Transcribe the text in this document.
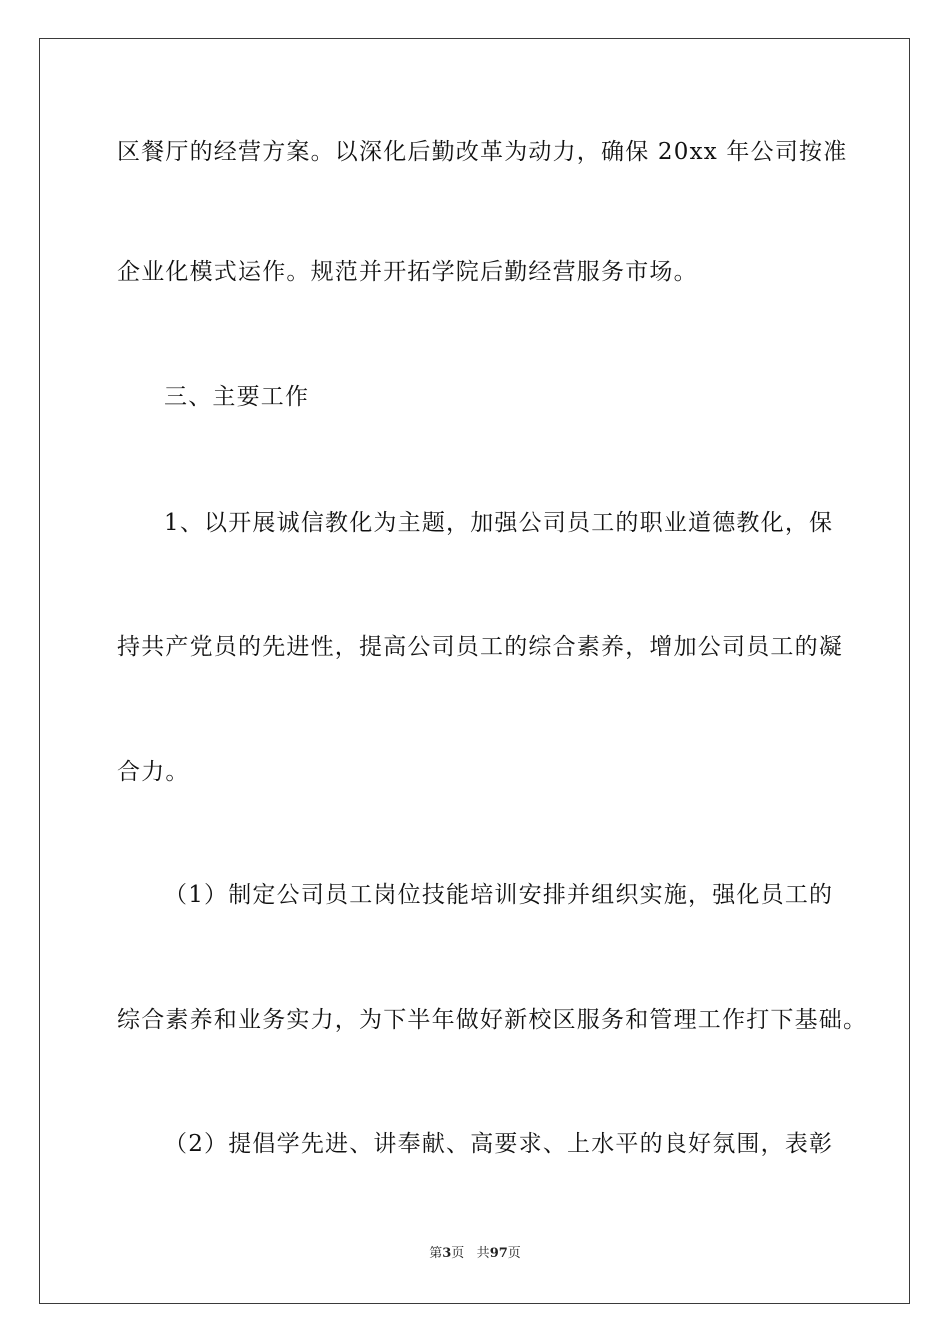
区餐厅的经营方案。以深化后勤改革为动力，确保 20xx 年公司按准
企业化模式运作。规范并开拓学院后勤经营服务市场。
三、主要工作
1、以开展诚信教化为主题，加强公司员工的职业道德教化，保
持共产党员的先进性，提高公司员工的综合素养，增加公司员工的凝
合力。
（1）制定公司员工岗位技能培训安排并组织实施，强化员工的
综合素养和业务实力，为下半年做好新校区服务和管理工作打下基础。
（2）提倡学先进、讲奉献、高要求、上水平的良好氛围，表彰
第3页 共97页
